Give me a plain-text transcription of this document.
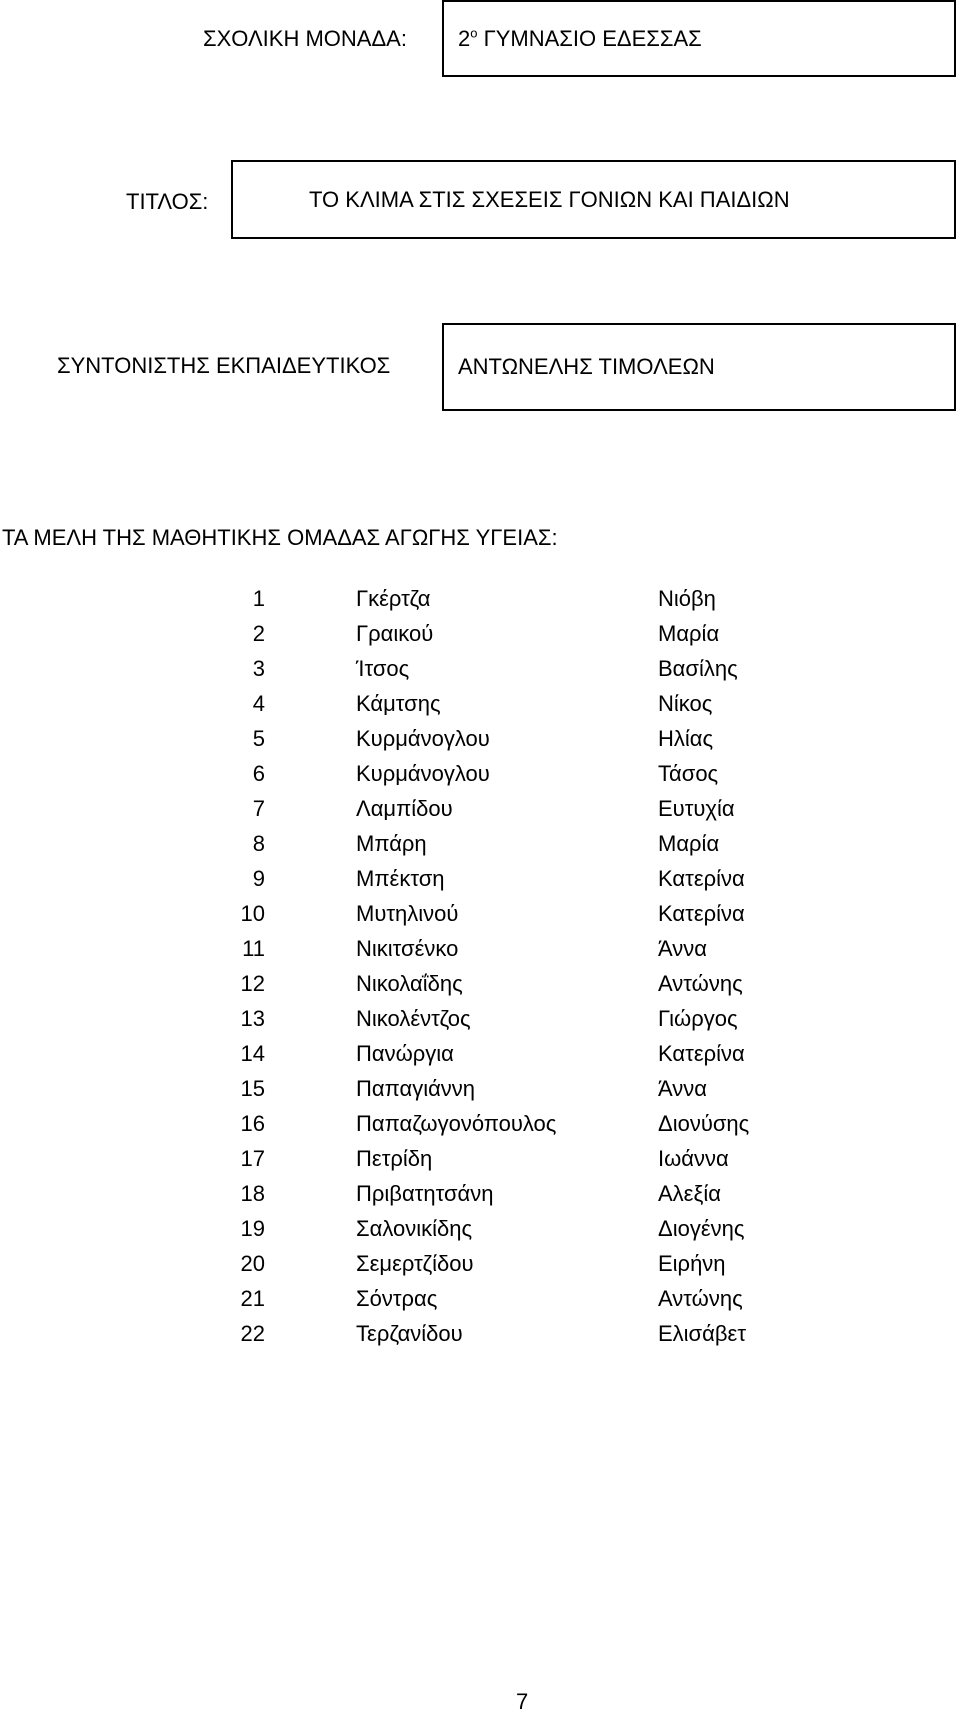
ΣΧΟΛΙΚΗ ΜΟΝΑΔΑ: $2^o$ ΓΥΜΝΑΣΙΟ ΕΔΕΣΣΑΣ
ΤΙΤΛΟΣ:	ΤΟ ΚΛΙΜΑ ΣΤΙΣ ΣΧΕΣΕΙΣ ΓΟΝΙΩΝ ΚΑΙ ΠΑΙΔΙΩΝ
ΣΥΝΤΟΝΙΣΤΗΣ ΕΚΠΑΙΔΕΥΤΙΚΟΣ	ΑΝΤΩΝΕΛΗΣ ΤΙΜΟΛΕΩΝ
ΤΑ ΜΕΛΗ ΤΗΣ ΜΑΘΗΤΙΚΗΣ ΟΜΑΔΑΣ ΑΓΩΓΗΣ ΥΓΕΙΑΣ:
1	Γκέρτζα	Νιόβη
2	Γραικού	Μαρία
3	Ίτσος	Βασίλης
4	Κάμτσης	Νίκος
5	Κυρμάνογλου	Ηλίας
6	Κυρμάνογλου	Τάσος
7	Λαμπίδου	Ευτυχία
8	Μπάρη	Μαρία
9	Μπέκτση	Κατερίνα
10	Μυτηλινού	Κατερίνα
11	Νικιτσένκο	Άννα
12	Νικολαΐδης	Αντώνης
13	Νικολέντζος	Γιώργος
14	Πανώργια	Κατερίνα
15	Παπαγιάννη	Άννα
16	Παπαζωγονόπουλος	Διονύσης
17	Πετρίδη	Ιωάννα
18	Πριβατητσάνη	Αλεξία
19	Σαλονικίδης	Διογένης
20	Σεμερτζίδου	Ειρήνη
21	Σόντρας	Αντώνης
22	Τερζανίδου	Ελισάβετ
7
